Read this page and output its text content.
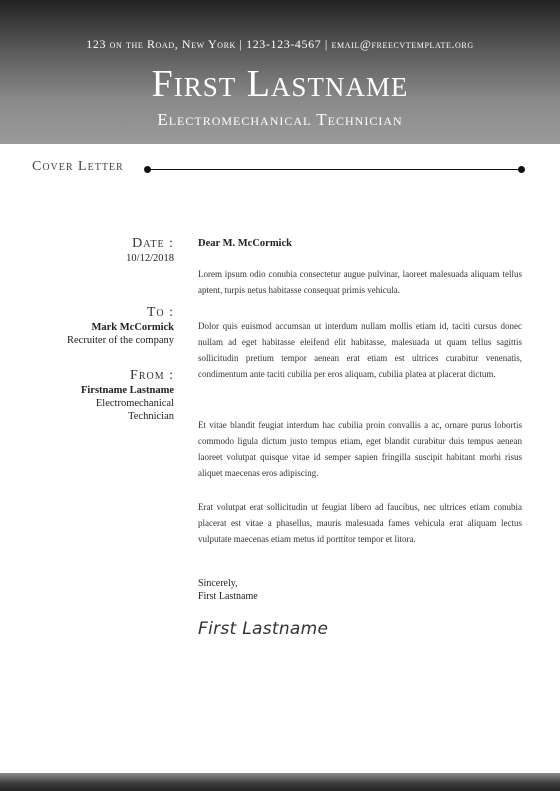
123 on the Road, New York | 123-123-4567 | email@freecvtemplate.org
First Lastname
Electromechanical Technician
Cover Letter
Date :
10/12/2018
To :
Mark McCormick
Recruiter of the company
From :
Firstname Lastname
Electromechanical
Technician
Dear M. McCormick
Lorem ipsum odio conubia consectetur augue pulvinar, laoreet malesuada aliquam tellus aptent, turpis netus habitasse consequat primis vehicula.
Dolor quis euismod accumsan ut interdum nullam mollis etiam id, taciti cursus donec nullam ad eget habitasse eleifend elit habitasse, malesuada ut quam tellus sagittis sollicitudin pretium tempor aenean erat etiam est ultrices curabitur venenatis, condimentum ante taciti cubilia per eros aliquam, cubilia platea at placerat dictum.
Et vitae blandit feugiat interdum hac cubilia proin convallis a ac, ornare purus lobortis commodo ligula dictum justo tempus etiam, eget blandit curabitur duis tempus aenean laoreet volutpat quisque vitae id semper sapien fringilla suscipit habitant morbi risus aliquet maecenas eros adipiscing.
Erat volutpat erat sollicitudin ut feugiat libero ad faucibus, nec ultrices etiam conubia placerat est vitae a phasellus, mauris malesuada fames vehicula erat aliquam lectus vulputate maecenas etiam metus id porttitor tempor et litora.
Sincerely,
First Lastname
First Lastname
